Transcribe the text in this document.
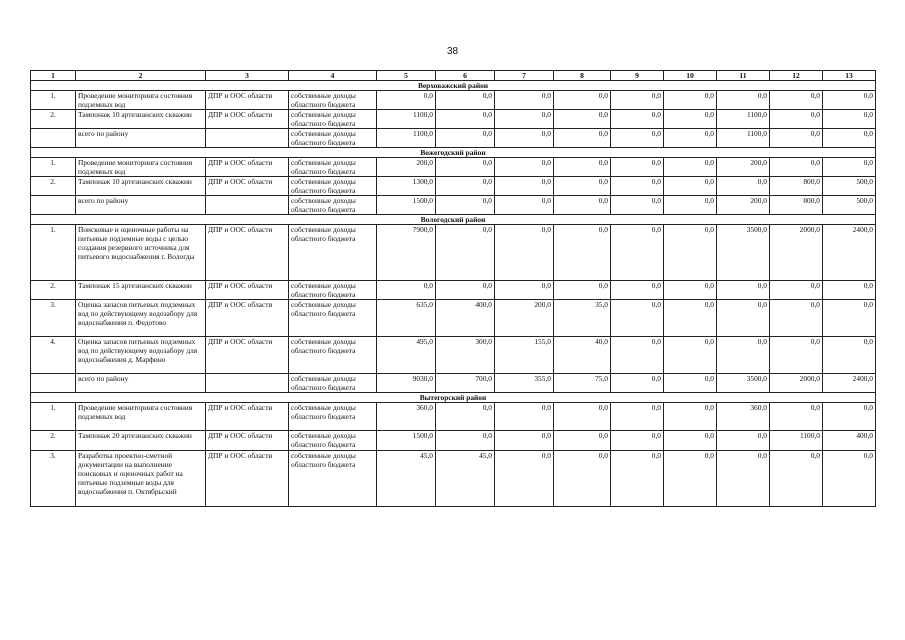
38
1	2	3	4	5	6	7	8	9	10	11	12	13
Верховажский район												
1.	Проведение мониторинга состояния подземных вод	ДПР и ООС области	собственные доходы областного бюджета	0,0	0,0	0,0	0,0	0,0	0,0	0,0	0,0	0,0
2.	Тампонаж 10 артезианских скважин	ДПР и ООС области	собственные доходы областного бюджета	1100,0	0,0	0,0	0,0	0,0	0,0	1100,0	0,0	0,0
	всего по району		собственные доходы областного бюджета	1100,0	0,0	0,0	0,0	0,0	0,0	1100,0	0,0	0,0
Вожегодский район												
1.	Проведение мониторинга состояния подземных вод	ДПР и ООС области	собственные доходы областного бюджета	200,0	0,0	0,0	0,0	0,0	0,0	200,0	0,0	0,0
2.	Тампонаж 10 артезианских скважин	ДПР и ООС области	собственные доходы областного бюджета	1300,0	0,0	0,0	0,0	0,0	0,0	0,0	800,0	500,0
	всего по району		собственные доходы областного бюджета	1500,0	0,0	0,0	0,0	0,0	0,0	200,0	800,0	500,0
Вологодский район												
1.	Поисковые и оценочные работы на питьевые подземные воды с целью создания резервного источника для питьевого водоснабжения г. Вологды	ДПР и ООС области	собственные доходы областного бюджета	7900,0	0,0	0,0	0,0	0,0	0,0	3500,0	2000,0	2400,0
2.	Тампонаж 15 артезианских скважин	ДПР и ООС области	собственные доходы областного бюджета	0,0	0,0	0,0	0,0	0,0	0,0	0,0	0,0	0,0
3.	Оценка запасов питьевых подземных вод по действующему водозабору для водоснабжения п. Федотово	ДПР и ООС области	собственные доходы областного бюджета	635,0	400,0	200,0	35,0	0,0	0,0	0,0	0,0	0,0
4.	Оценка запасов питьевых подземных вод по действующему водозабору для водоснабжения д. Марфино	ДПР и ООС области	собственные доходы областного бюджета	495,0	300,0	155,0	40,0	0,0	0,0	0,0	0,0	0,0
	всего по району		собственные доходы областного бюджета	9030,0	700,0	355,0	75,0	0,0	0,0	3500,0	2000,0	2400,0
Вытегорский район												
1.	Проведение мониторинга состояния подземных вод	ДПР и ООС области	собственные доходы областного бюджета	360,0	0,0	0,0	0,0	0,0	0,0	360,0	0,0	0,0
2.	Тампонаж 20 артезианских скважин	ДПР и ООС области	собственные доходы областного бюджета	1500,0	0,0	0,0	0,0	0,0	0,0	0,0	1100,0	400,0
3.	Разработка проектно-сметной документации на выполнение поисковых и оценочных работ на питьевые подземные воды для водоснабжения п. Октябрьский	ДПР и ООС области	собственные доходы областного бюджета	45,0	45,0	0,0	0,0	0,0	0,0	0,0	0,0	0,0
